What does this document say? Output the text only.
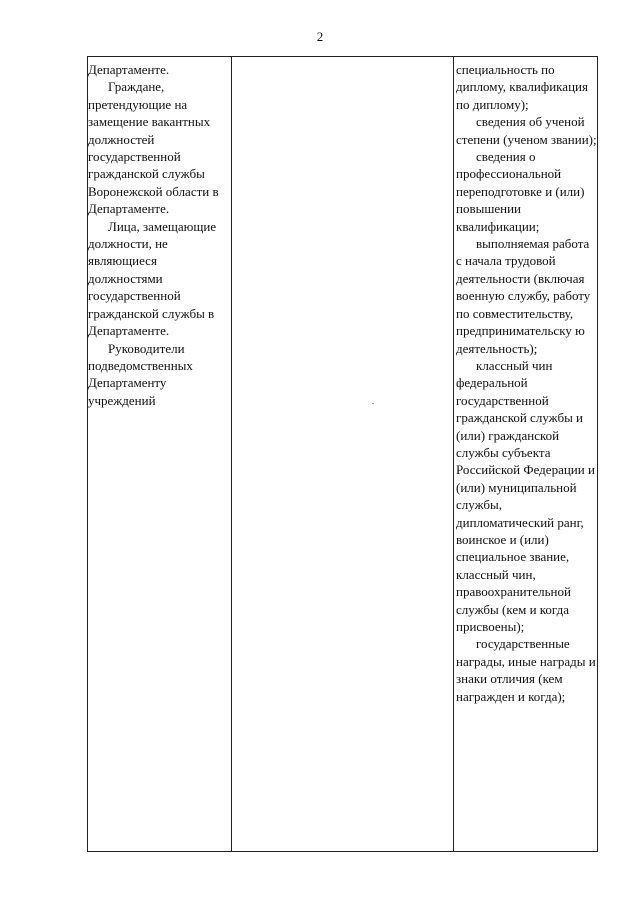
2

Департаменте.

Граждане, претендующие на замещение вакантных должностей государственной гражданской службы Воронежской области в Департаменте.

Лица, замещающие должности, не являющиеся должностями государственной гражданской службы в Департаменте.

Руководители подведомственных Департаменту учреждений

специальность по диплому, квалификация по диплому);

сведения об ученой степени (ученом звании);

сведения о профессиональной переподготовке и (или) повышении квалификации;

выполняемая работа с начала трудовой деятельности (включая военную службу, работу по совместительству, предпринимательску ю деятельность);

классный чин федеральной государственной гражданской службы и (или) гражданской службы субъекта Российской Федерации и (или) муниципальной службы, дипломатический ранг, воинское и (или) специальное звание, классный чин, правоохранительной службы (кем и когда присвоены);

государственные награды, иные награды и знаки отличия (кем награжден и когда);
